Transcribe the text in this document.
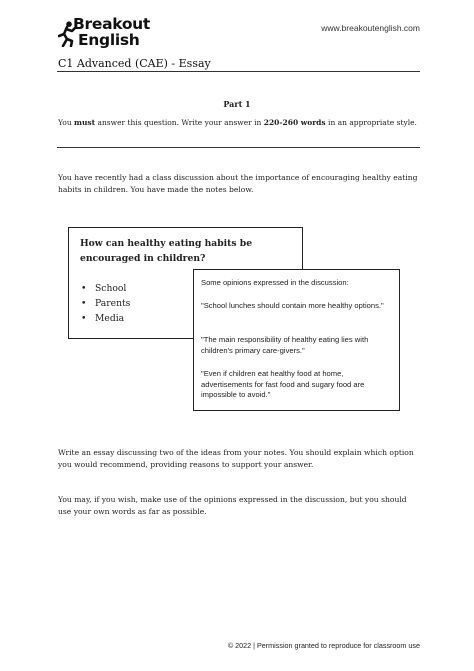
Breakout
English
www.breakoutenglish.com
C1 Advanced (CAE) - Essay
Part 1
You must answer this question. Write your answer in 220-260 words in an appropriate style.
You have recently had a class discussion about the importance of encouraging healthy eating habits in children. You have made the notes below.
How can healthy eating habits be encouraged in children?
• School
• Parents
• Media
Some opinions expressed in the discussion:
"School lunches should contain more healthy options."
"The main responsibility of healthy eating lies with children's primary care-givers."
"Even if children eat healthy food at home, advertisements for fast food and sugary food are impossible to avoid."
Write an essay discussing two of the ideas from your notes. You should explain which option you would recommend, providing reasons to support your answer.
You may, if you wish, make use of the opinions expressed in the discussion, but you should use your own words as far as possible.
© 2022 | Permission granted to reproduce for classroom use
